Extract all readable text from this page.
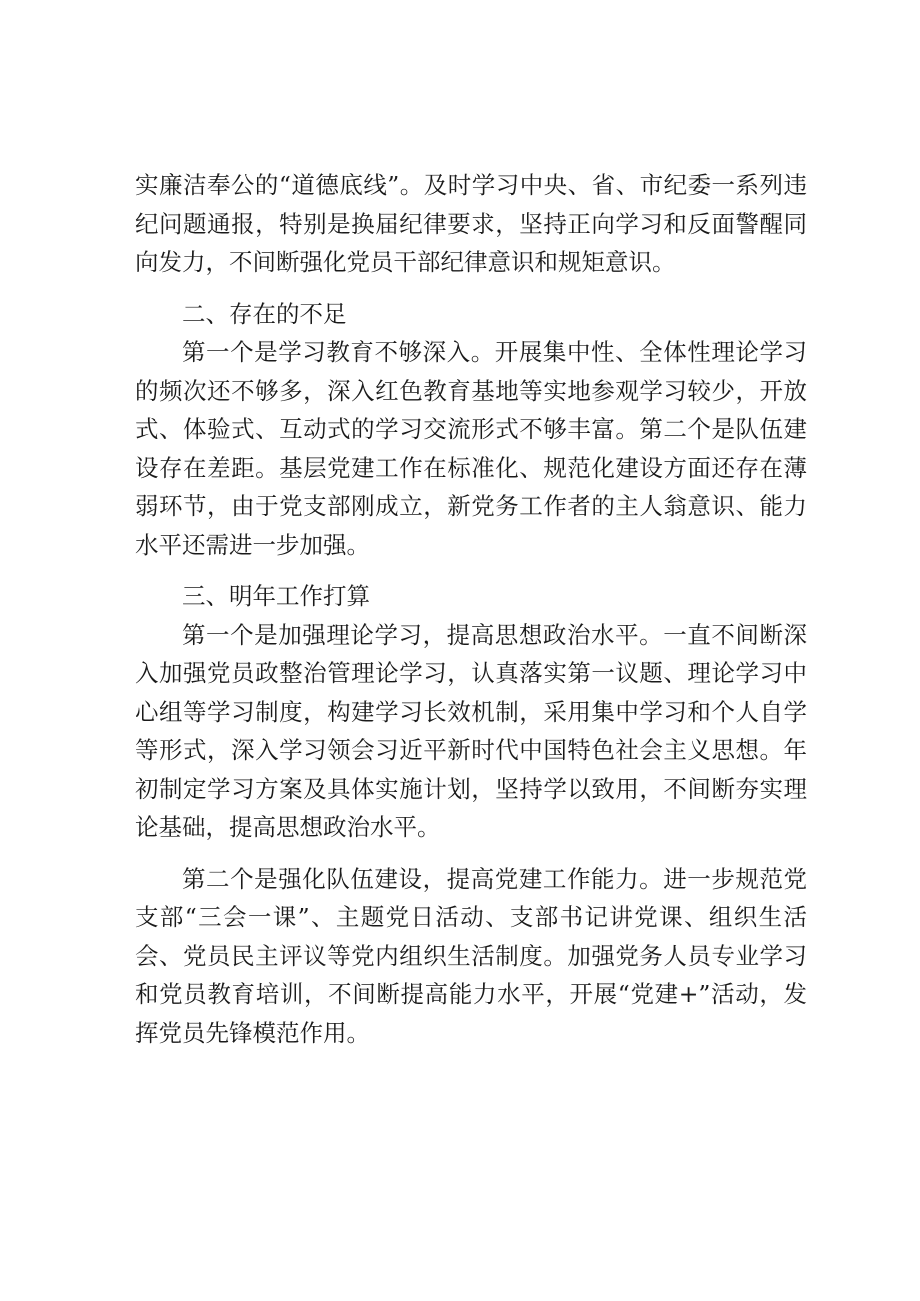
实廉洁奉公的“道德底线”。及时学习中央、省、市纪委一系列违纪问题通报，特别是换届纪律要求，坚持正向学习和反面警醒同向发力，不间断强化党员干部纪律意识和规矩意识。

二、存在的不足

第一个是学习教育不够深入。开展集中性、全体性理论学习的频次还不够多，深入红色教育基地等实地参观学习较少，开放式、体验式、互动式的学习交流形式不够丰富。第二个是队伍建设存在差距。基层党建工作在标准化、规范化建设方面还存在薄弱环节，由于党支部刚成立，新党务工作者的主人翁意识、能力水平还需进一步加强。

三、明年工作打算

第一个是加强理论学习，提高思想政治水平。一直不间断深入加强党员政整治管理论学习，认真落实第一议题、理论学习中心组等学习制度，构建学习长效机制，采用集中学习和个人自学等形式，深入学习领会习近平新时代中国特色社会主义思想。年初制定学习方案及具体实施计划，坚持学以致用，不间断夯实理论基础，提高思想政治水平。

第二个是强化队伍建设，提高党建工作能力。进一步规范党支部“三会一课”、主题党日活动、支部书记讲党课、组织生活会、党员民主评议等党内组织生活制度。加强党务人员专业学习和党员教育培训，不间断提高能力水平，开展“党建+”活动，发挥党员先锋模范作用。
